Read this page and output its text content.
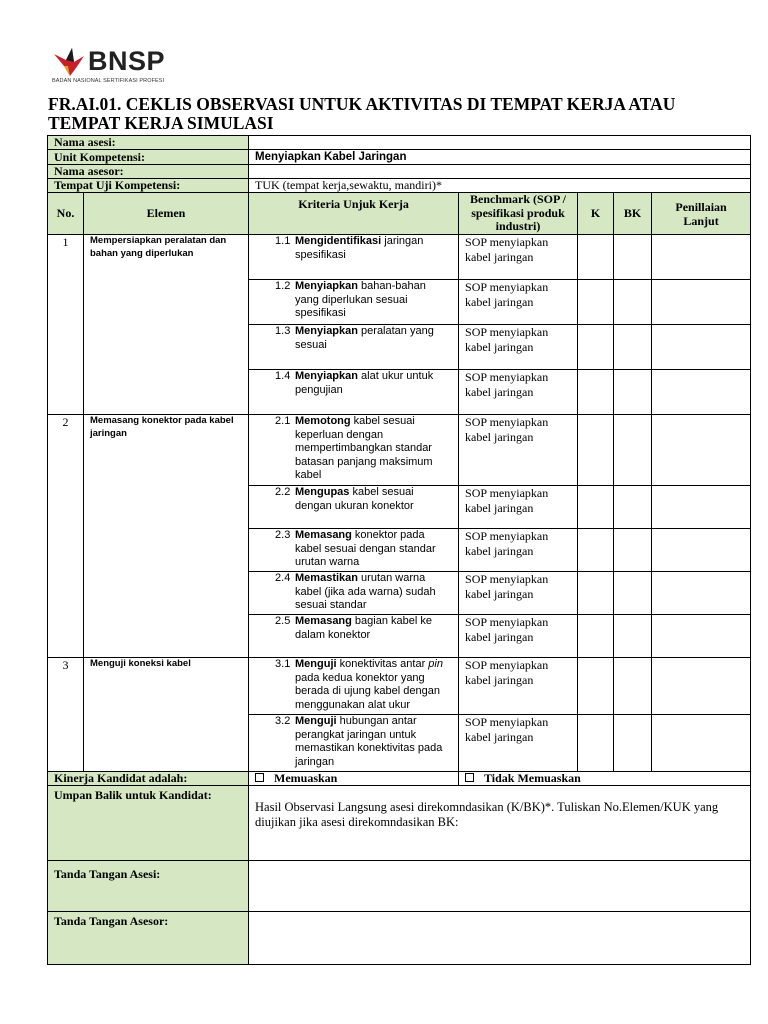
BNSP
BADAN NASIONAL SERTIFIKASI PROFESI
FR.AI.01. CEKLIS OBSERVASI UNTUK AKTIVITAS DI TEMPAT KERJA ATAU
TEMPAT KERJA SIMULASI
Nama asesi:						
Unit Kompetensi:		Menyiapkan Kabel Jaringan				
Nama asesor:						
Tempat Uji Kompetensi:		TUK (tempat kerja,sewaktu, mandiri)*				
No.	Elemen	Kriteria Unjuk Kerja	Benchmark (SOP / spesifikasi produk industri)	K	BK	Penillaian Lanjut
1	Mempersiapkan peralatan dan bahan yang diperlukan	1.1 Mengidentifikasi jaringan spesifikasi	SOP menyiapkan kabel jaringan			

		1.2 Menyiapkan bahan-bahan yang diperlukan sesuai spesifikasi	SOP menyiapkan kabel jaringan			

		1.3 Menyiapkan peralatan yang sesuai	SOP menyiapkan kabel jaringan			

		1.4 Menyiapkan alat ukur untuk pengujian	SOP menyiapkan kabel jaringan			
2	Memasang konektor pada kabel jaringan	2.1 Memotong kabel sesuai keperluan dengan mempertimbangkan standar batasan panjang maksimum kabel	SOP menyiapkan kabel jaringan			

		2.2 Mengupas kabel sesuai dengan ukuran konektor	SOP menyiapkan kabel jaringan			

		2.3 Memasang konektor pada kabel sesuai dengan standar urutan warna	SOP menyiapkan kabel jaringan			

		2.4 Memastikan urutan warna kabel (jika ada warna) sudah sesuai standar	SOP menyiapkan kabel jaringan			

		2.5 Memasang bagian kabel ke dalam konektor	SOP menyiapkan kabel jaringan			
3	Menguji koneksi kabel	3.1 Menguji konektivitas antar pin pada kedua konektor yang berada di ujung kabel dengan menggunakan alat ukur	SOP menyiapkan kabel jaringan			

		3.2 Menguji hubungan antar perangkat jaringan untuk memastikan konektivitas pada jaringan	SOP menyiapkan kabel jaringan			
Kinerja Kandidat adalah:		Memuaskan	Tidak Memuaskan			
Umpan Balik untuk Kandidat:		Hasil Observasi Langsung asesi direkomndasikan (K/BK)*. Tuliskan No.Elemen/KUK yang diujikan jika asesi direkomndasikan BK:				
Tanda Tangan Asesi:						
Tanda Tangan Asesor:						
